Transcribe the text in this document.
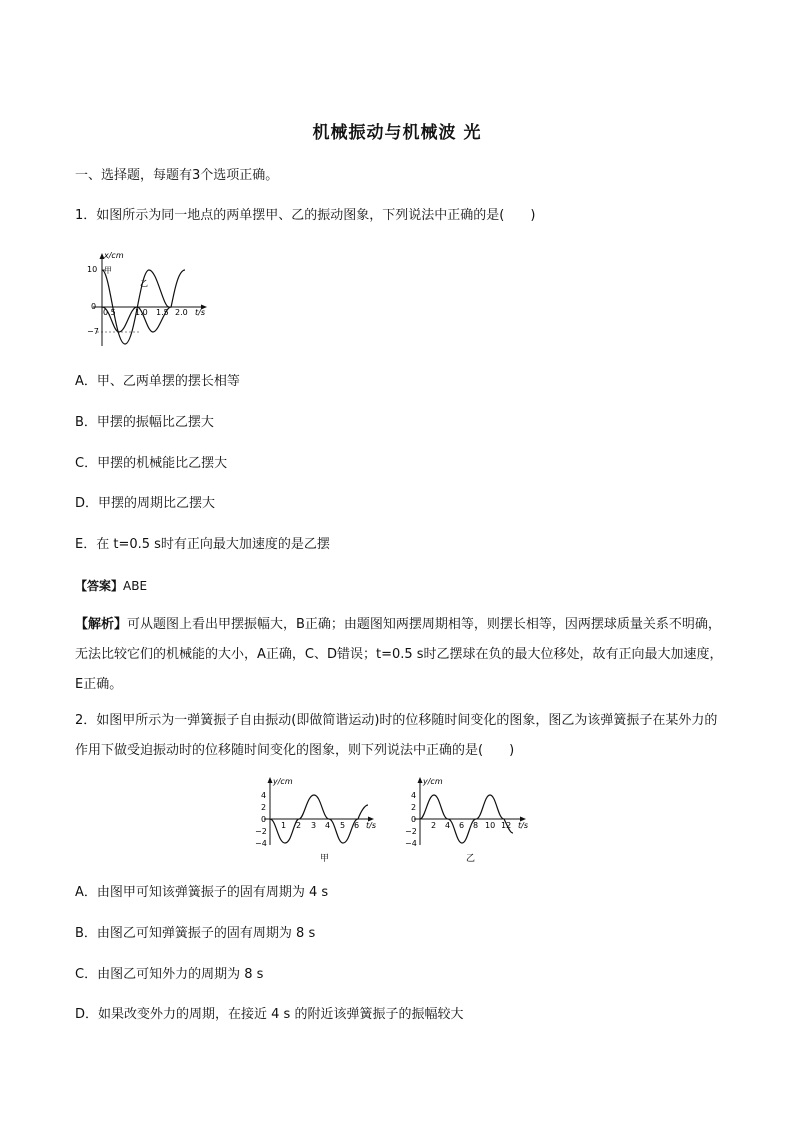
机械振动与机械波 光
一、选择题，每题有3个选项正确。
1．如图所示为同一地点的两单摆甲、乙的振动图象，下列说法中正确的是(　　)
x/cm
t/s
10
0
−7
0.5 1.0 1.5 2.0
甲
乙
A．甲、乙两单摆的摆长相等
B．甲摆的振幅比乙摆大
C．甲摆的机械能比乙摆大
D．甲摆的周期比乙摆大
E．在 t=0.5 s时有正向最大加速度的是乙摆
【答案】ABE
【解析】可从题图上看出甲摆振幅大，B正确；由题图知两摆周期相等，则摆长相等，因两摆球质量关系不明确，无法比较它们的机械能的大小，A正确，C、D错误；t=0.5 s时乙摆球在负的最大位移处，故有正向最大加速度，E正确。
2．如图甲所示为一弹簧振子自由振动(即做简谐运动)时的位移随时间变化的图象，图乙为该弹簧振子在某外力的作用下做受迫振动时的位移随时间变化的图象，则下列说法中正确的是(　　)
y/cm
t/s
4
2
0
−2
−4
1 2 3 4 5 6
甲
y/cm
t/s
4
2
0
−2
−4
2 4 6 8 10 12
乙
A．由图甲可知该弹簧振子的固有周期为 4 s
B．由图乙可知弹簧振子的固有周期为 8 s
C．由图乙可知外力的周期为 8 s
D．如果改变外力的周期，在接近 4 s 的附近该弹簧振子的振幅较大
